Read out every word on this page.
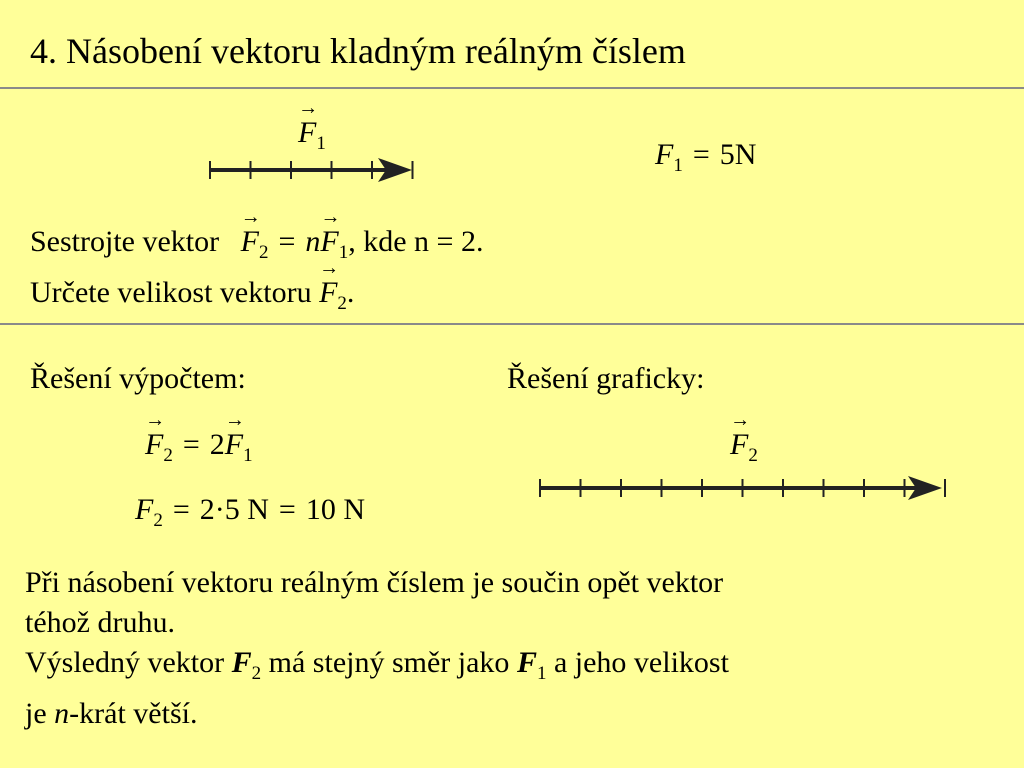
4. Násobení vektoru kladným reálným číslem
→ $F_1$	$F_1 = 5N$
Sestrojte vektor → $F_2 = n\to F_1$, kde n = 2.
Určete velikost vektoru → $F_2$.
Řešení výpočtem:
→ $F_2 = 2\to F_1$
$F_2 = 2\cdot 5$ N = 10 N
Řešení graficky:
→ $F_2$
Při násobení vektoru reálným číslem je součin opět vektor
téhož druhu.
Výsledný vektor $F_2$ má stejný směr jako $F_1$ a jeho velikost
je n-krát větší.
